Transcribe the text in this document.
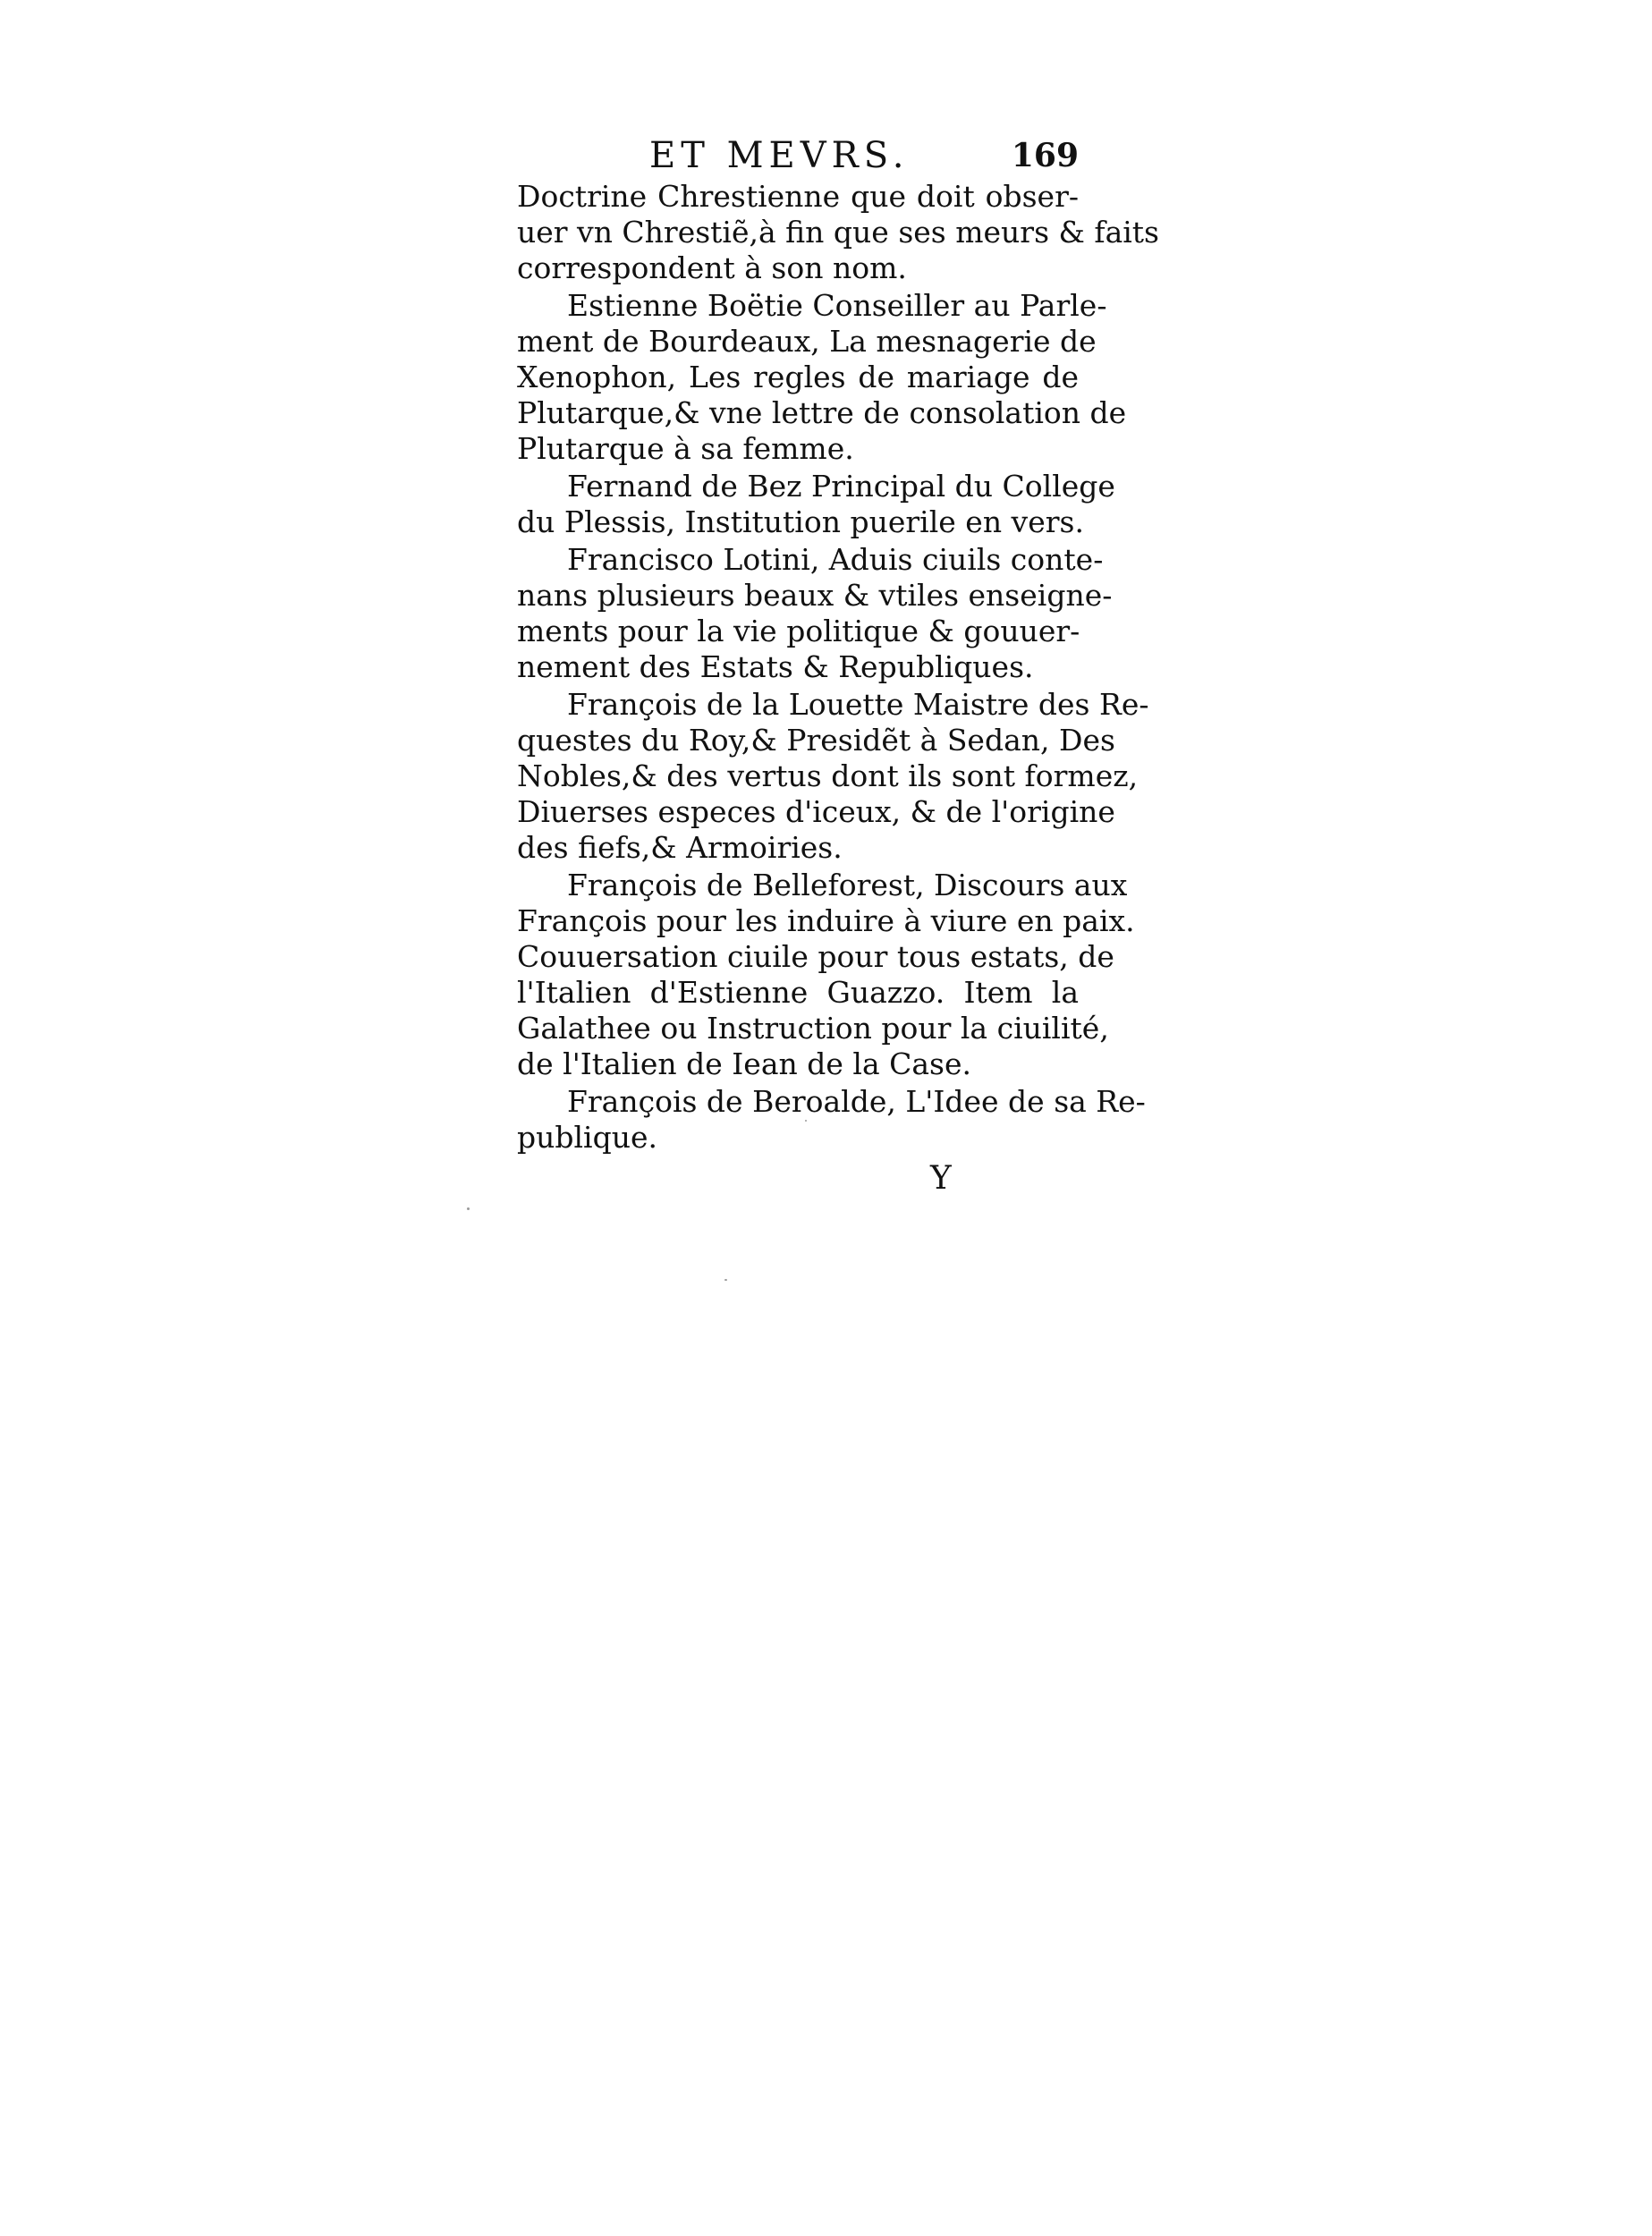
ET MEVRS.	169
Doctrine Chrestienne que doit obser-
uer vn Chrestiẽ,à fin que ses meurs & faits
correspondent à son nom.
Estienne Boëtie Conseiller au Parle-
ment de Bourdeaux, La mesnagerie de
Xenophon, Les regles de mariage de
Plutarque,& vne lettre de consolation de
Plutarque à sa femme.
Fernand de Bez Principal du College
du Plessis, Institution puerile en vers.
Francisco Lotini, Aduis ciuils conte-
nans plusieurs beaux & vtiles enseigne-
ments pour la vie politique & gouuer-
nement des Estats & Republiques.
François de la Louette Maistre des Re-
questes du Roy,& Presidẽt à Sedan, Des
Nobles,& des vertus dont ils sont formez,
Diuerses especes d'iceux, & de l'origine
des fiefs,& Armoiries.
François de Belleforest, Discours aux
François pour les induire à viure en paix.
Couuersation ciuile pour tous estats, de
l'Italien d'Estienne Guazzo. Item la
Galathee ou Instruction pour la ciuilité,
de l'Italien de Iean de la Case.
François de Beroalde, L'Idee de sa Re-
publique.
Y
